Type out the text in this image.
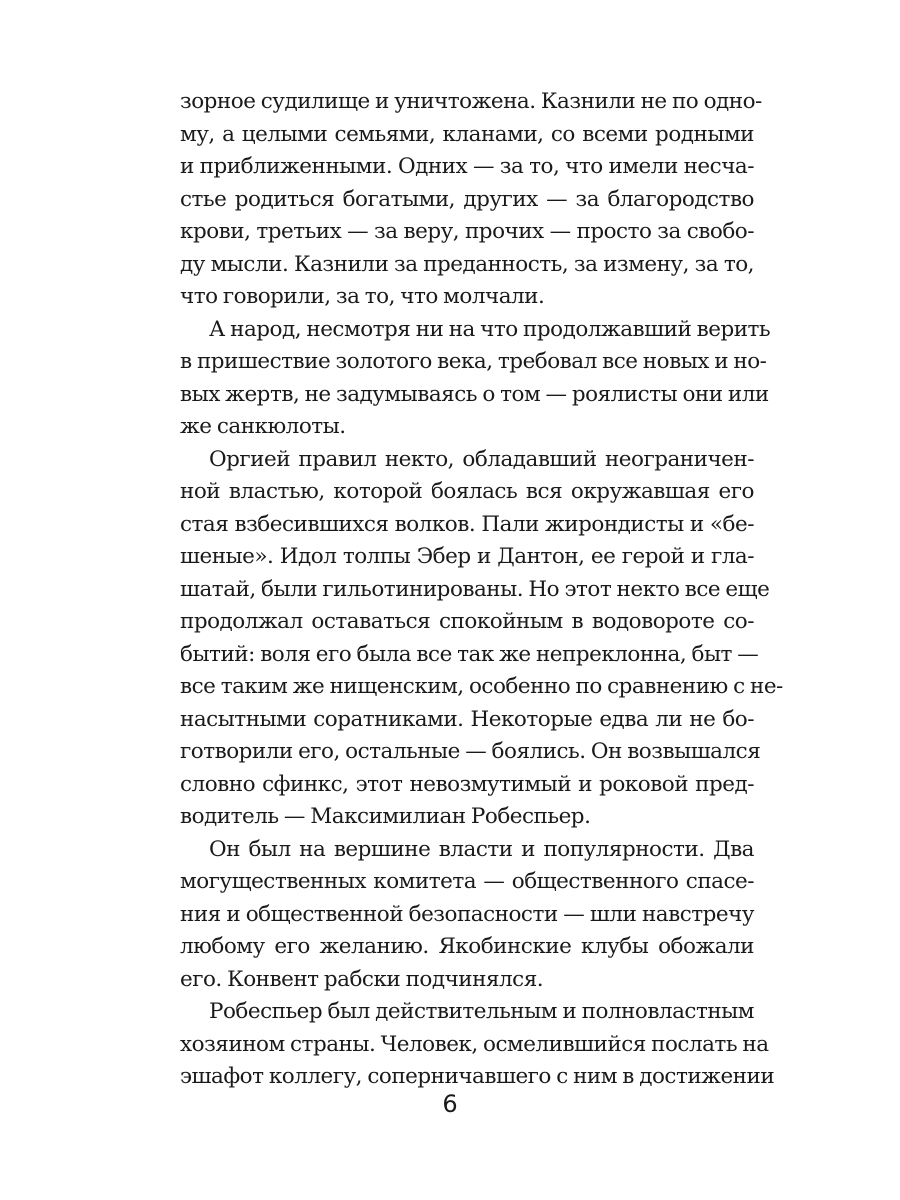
зорное судилище и уничтожена. Казнили не по одно-
му, а целыми семьями, кланами, со всеми родными
и приближенными. Одних — за то, что имели несча-
стье родиться богатыми, других — за благородство
крови, третьих — за веру, прочих — просто за свобо-
ду мысли. Казнили за преданность, за измену, за то,
что говорили, за то, что молчали.
А народ, несмотря ни на что продолжавший верить
в пришествие золотого века, требовал все новых и но-
вых жертв, не задумываясь о том — роялисты они или
же санкюлоты.
Оргией правил некто, обладавший неограничен-
ной властью, которой боялась вся окружавшая его
стая взбесившихся волков. Пали жирондисты и «бе-
шеные». Идол толпы Эбер и Дантон, ее герой и гла-
шатай, были гильотинированы. Но этот некто все еще
продолжал оставаться спокойным в водовороте со-
бытий: воля его была все так же непреклонна, быт —
все таким же нищенским, особенно по сравнению с не-
насытными соратниками. Некоторые едва ли не бо-
готворили его, остальные — боялись. Он возвышался
словно сфинкс, этот невозмутимый и роковой пред-
водитель — Максимилиан Робеспьер.
Он был на вершине власти и популярности. Два
могущественных комитета — общественного спасе-
ния и общественной безопасности — шли навстречу
любому его желанию. Якобинские клубы обожали
его. Конвент рабски подчинялся.
Робеспьер был действительным и полновластным
хозяином страны. Человек, осмелившийся послать на
эшафот коллегу, соперничавшего с ним в достижении
6
